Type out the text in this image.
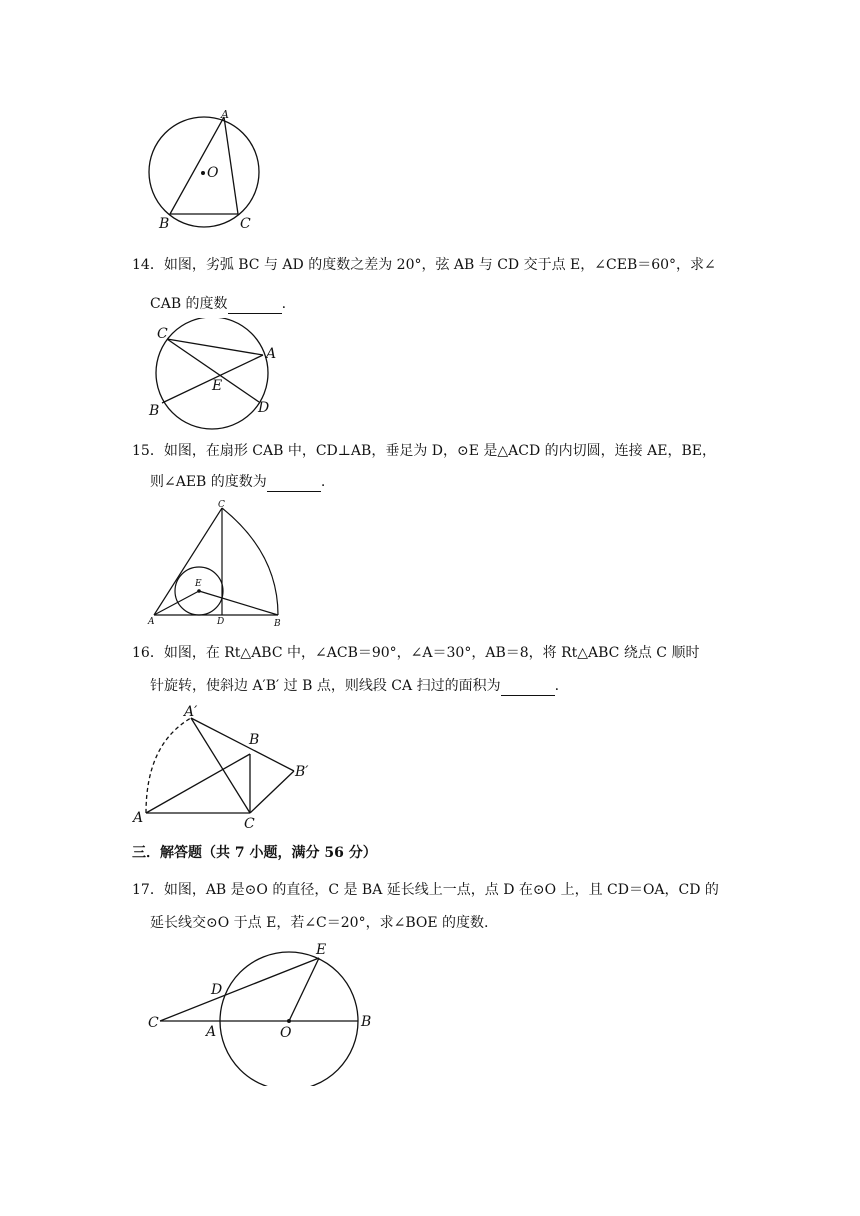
A
B	C
O
14．如图，劣弧 BC 与 AD 的度数之差为 20°，弦 AB 与 CD 交于点 E，∠CEB＝60°，求∠
CAB 的度数	.
C
A
E
B	D
15．如图，在扇形 CAB 中，CD⊥AB，垂足为 D，⊙E 是△ACD 的内切圆，连接 AE，BE，
则∠AEB 的度数为	.
C
E
A	D	B
16．如图，在 Rt△ABC 中，∠ACB＝90°，∠A＝30°，AB＝8，将 Rt△ABC 绕点 C 顺时
针旋转，使斜边 A′B′ 过 B 点，则线段 CA 扫过的面积为	.
A′
B
B′
A	C
三．解答题（共 7 小题，满分 56 分）
17．如图，AB 是⊙O 的直径，C 是 BA 延长线上一点，点 D 在⊙O 上，且 CD＝OA，CD 的
延长线交⊙O 于点 E，若∠C＝20°，求∠BOE 的度数.
E
D
C
A	O
B
